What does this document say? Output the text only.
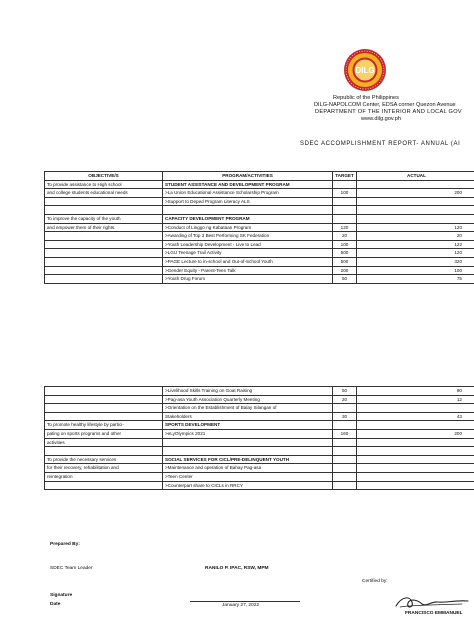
DILG
Republic of the Philippines
DILG-NAPOLCOM Center, EDSA corner Quezon Avenue
DEPARTMENT OF THE INTERIOR AND LOCAL GOV
www.dilg.gov.ph
SDEC ACCOMPLISHMENT REPORT- ANNUAL (AI
OBJECTIVE/S	PROGRAM/ACTIVITIES	TARGET	ACTUAL
To provide assistance to High school	STUDENT ASSISTANCE AND DEVELOPMENT PROGRAM		
and college students educational needs	>La Union Educational Assistance Scholarship Program	100	200
	>Support to Deped Program Literacy ALS		

To improve the capacity of the youth	CAPACITY DEVELOPMENT PROGRAM		
and empower them of their rights.	>Conduct of Linggo ng Kabataan Program	120	120
	>Awarding of Top 3 Best Performing SK Federation	20	20
	>Youth Leadership Development - Live to Lead	100	122
	>LGU Teenage Trail Activity	500	120
	>PAGE Lecture to in-school and Out-of-School Youth	500	320
	>Gender Equity - Parent-Teen Talk	200	100
	>Youth Drug Forum	50	75
	>Livelihood Skills Training on Goat Raising	50	80
	>Pag-asa Youth Association Quarterly Meeting	20	12
	>Orientation on the Establishment of Balay Silangan of		
	Stakeholders	30	43
To promote healthy lifestyle by partici-	SPORTS DEVELOPMENT		
pating on sports programs and other	>eLyOlympics 2021	160	200
activities			

To provide the necessary services	SOCIAL SERVICES FOR CICL/PRE-DELINQUENT YOUTH		
for their recovery, rehabilitation and	>Maintenance and operation of Bahay Pag-asa		
reintegration	>Teen Center		
	>Counterpart share to CICLs in RRCY		
Prepared By:
SDEC Team Leader	RANILO P. IPAC, RSW, MPM
Certified by:
Signature
Date	January 27, 2022
FRANCISCO EMMANUEL
